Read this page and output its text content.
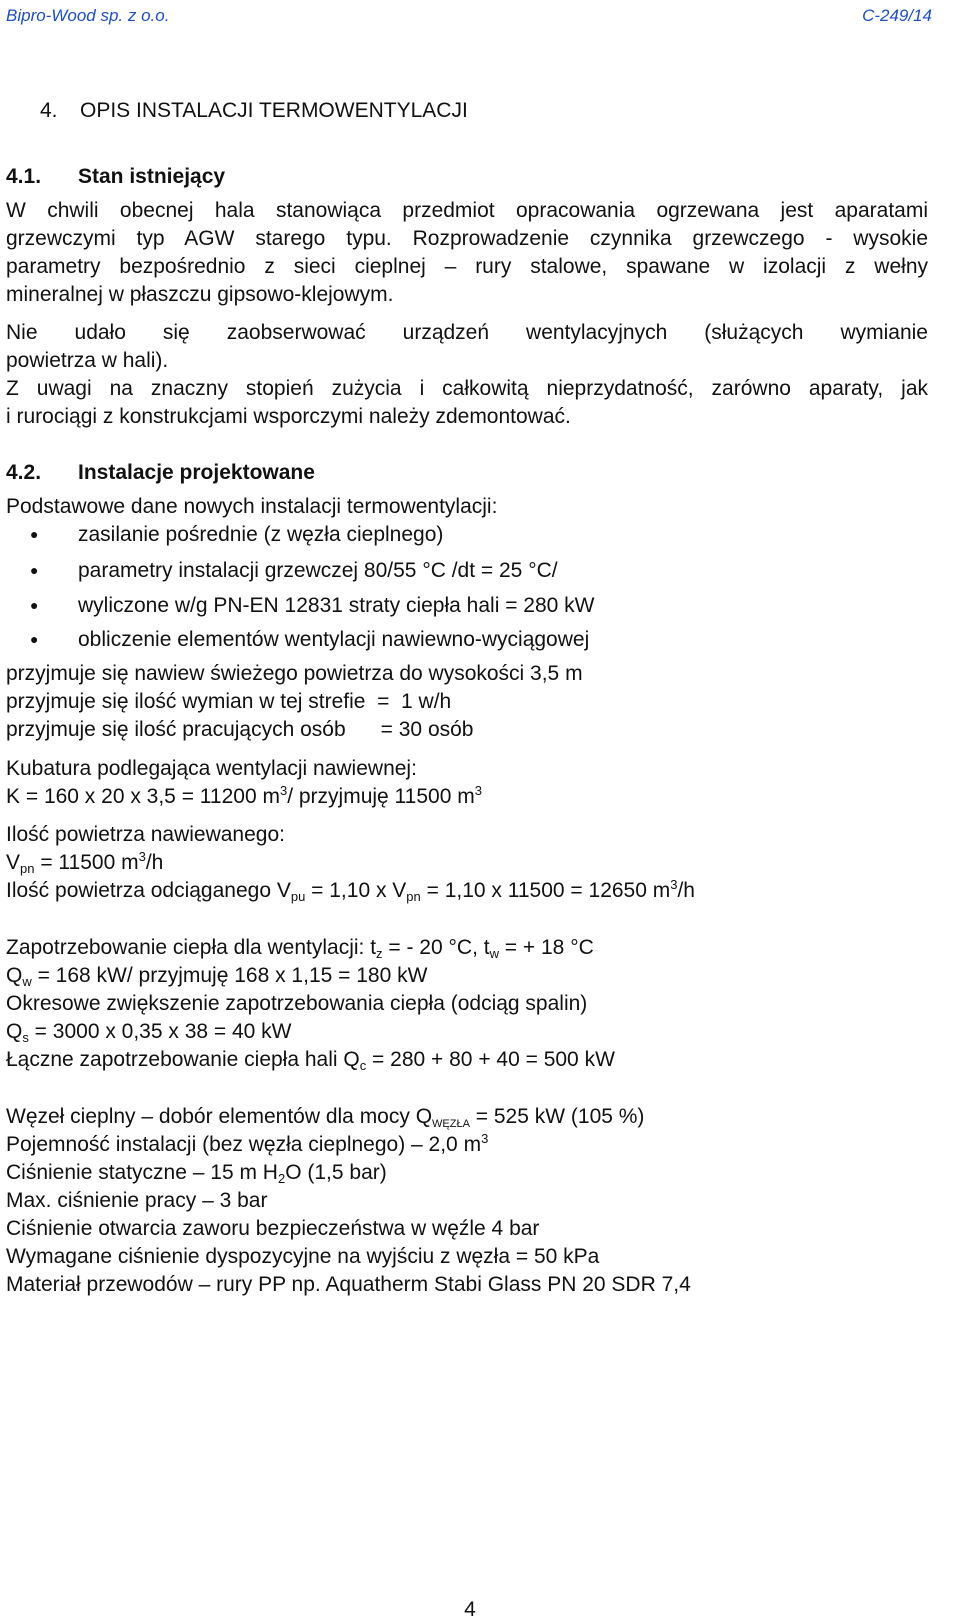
Bipro-Wood sp. z o.o.	C-249/14
4. OPIS INSTALACJI TERMOWENTYLACJI
4.1. Stan istniejący
W chwili obecnej hala stanowiąca przedmiot opracowania ogrzewana jest aparatami
grzewczymi typ AGW starego typu. Rozprowadzenie czynnika grzewczego - wysokie
parametry bezpośrednio z sieci cieplnej – rury stalowe, spawane w izolacji z wełny
mineralnej w płaszczu gipsowo-klejowym.
Nie udało się zaobserwować urządzeń wentylacyjnych (służących wymianie
powietrza w hali).
Z uwagi na znaczny stopień zużycia i całkowitą nieprzydatność, zarówno aparaty, jak
i rurociągi z konstrukcjami wsporczymi należy zdemontować.
4.2. Instalacje projektowane
Podstawowe dane nowych instalacji termowentylacji:
● zasilanie pośrednie (z węzła cieplnego)
● parametry instalacji grzewczej 80/55 °C /dt = 25 °C/
● wyliczone w/g PN-EN 12831 straty ciepła hali = 280 kW
● obliczenie elementów wentylacji nawiewno-wyciągowej
przyjmuje się nawiew świeżego powietrza do wysokości 3,5 m
przyjmuje się ilość wymian w tej strefie  =  1 w/h
przyjmuje się ilość pracujących osób      = 30 osób
Kubatura podlegająca wentylacji nawiewnej:
K = 160 x 20 x 3,5 = 11200 $m^3/$ przyjmuję 11500 $m^3$
Ilość powietrza nawiewanego:
$V_{pn} = 11500$ $m^3/h$
Ilość powietrza odciąganego $V_{pu} = 1,10$ x $V_{pn} = 1,10$ x 11500 = 12650 $m^3/h$
Zapotrzebowanie ciepła dla wentylacji: $t_z$ = - 20 °C, $t_w$ = + 18 °C
$Q_w = 168$ kW/ przyjmuję 168 x 1,15 = 180 kW
Okresowe zwiększenie zapotrzebowania ciepła (odciąg spalin)
$Q_s = 3000$ x 0,35 x 38 = 40 kW
Łączne zapotrzebowanie ciepła hali $Q_c = 280 + 80 + 40 = 500$ kW
Węzeł cieplny – dobór elementów dla mocy $Q_{WĘZŁA} = 525$ kW (105 %)
Pojemność instalacji (bez węzła cieplnego) – 2,0 $m^3$
Ciśnienie statyczne – 15 m $H_2O$ (1,5 bar)
Max. ciśnienie pracy – 3 bar
Ciśnienie otwarcia zaworu bezpieczeństwa w węźle 4 bar
Wymagane ciśnienie dyspozycyjne na wyjściu z węzła = 50 kPa
Materiał przewodów – rury PP np. Aquatherm Stabi Glass PN 20 SDR 7,4
4
